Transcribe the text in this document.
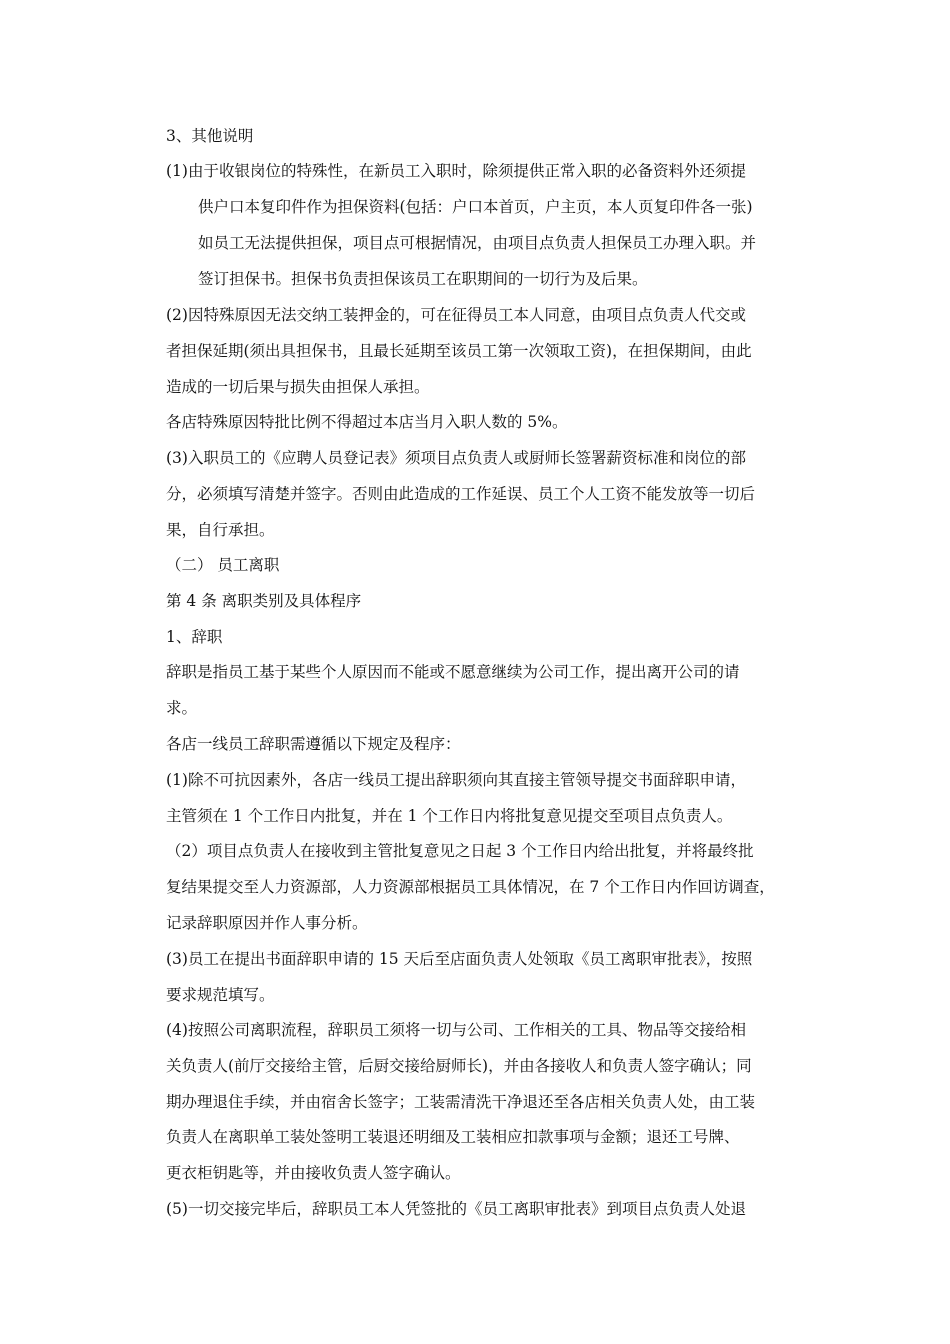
3、其他说明
(1)由于收银岗位的特殊性，在新员工入职时，除须提供正常入职的必备资料外还须提
供户口本复印件作为担保资料(包括：户口本首页，户主页，本人页复印件各一张)
如员工无法提供担保，项目点可根据情况，由项目点负责人担保员工办理入职。并
签订担保书。担保书负责担保该员工在职期间的一切行为及后果。
(2)因特殊原因无法交纳工装押金的，可在征得员工本人同意，由项目点负责人代交或
者担保延期(须出具担保书，且最长延期至该员工第一次领取工资)，在担保期间，由此
造成的一切后果与损失由担保人承担。
各店特殊原因特批比例不得超过本店当月入职人数的 5%。
(3)入职员工的《应聘人员登记表》须项目点负责人或厨师长签署薪资标准和岗位的部
分，必须填写清楚并签字。否则由此造成的工作延误、员工个人工资不能发放等一切后
果，自行承担。
（二） 员工离职
第 4 条 离职类别及具体程序
1、辞职
辞职是指员工基于某些个人原因而不能或不愿意继续为公司工作，提出离开公司的请
求。
各店一线员工辞职需遵循以下规定及程序：
(1)除不可抗因素外，各店一线员工提出辞职须向其直接主管领导提交书面辞职申请，
主管须在 1 个工作日内批复，并在 1 个工作日内将批复意见提交至项目点负责人。
（2）项目点负责人在接收到主管批复意见之日起 3 个工作日内给出批复，并将最终批
复结果提交至人力资源部，人力资源部根据员工具体情况，在 7 个工作日内作回访调查，
记录辞职原因并作人事分析。
(3)员工在提出书面辞职申请的 15 天后至店面负责人处领取《员工离职审批表》，按照
要求规范填写。
(4)按照公司离职流程，辞职员工须将一切与公司、工作相关的工具、物品等交接给相
关负责人(前厅交接给主管，后厨交接给厨师长)，并由各接收人和负责人签字确认；同
期办理退住手续，并由宿舍长签字；工装需清洗干净退还至各店相关负责人处，由工装
负责人在离职单工装处签明工装退还明细及工装相应扣款事项与金额；退还工号牌、
更衣柜钥匙等，并由接收负责人签字确认。
(5)一切交接完毕后，辞职员工本人凭签批的《员工离职审批表》到项目点负责人处退
